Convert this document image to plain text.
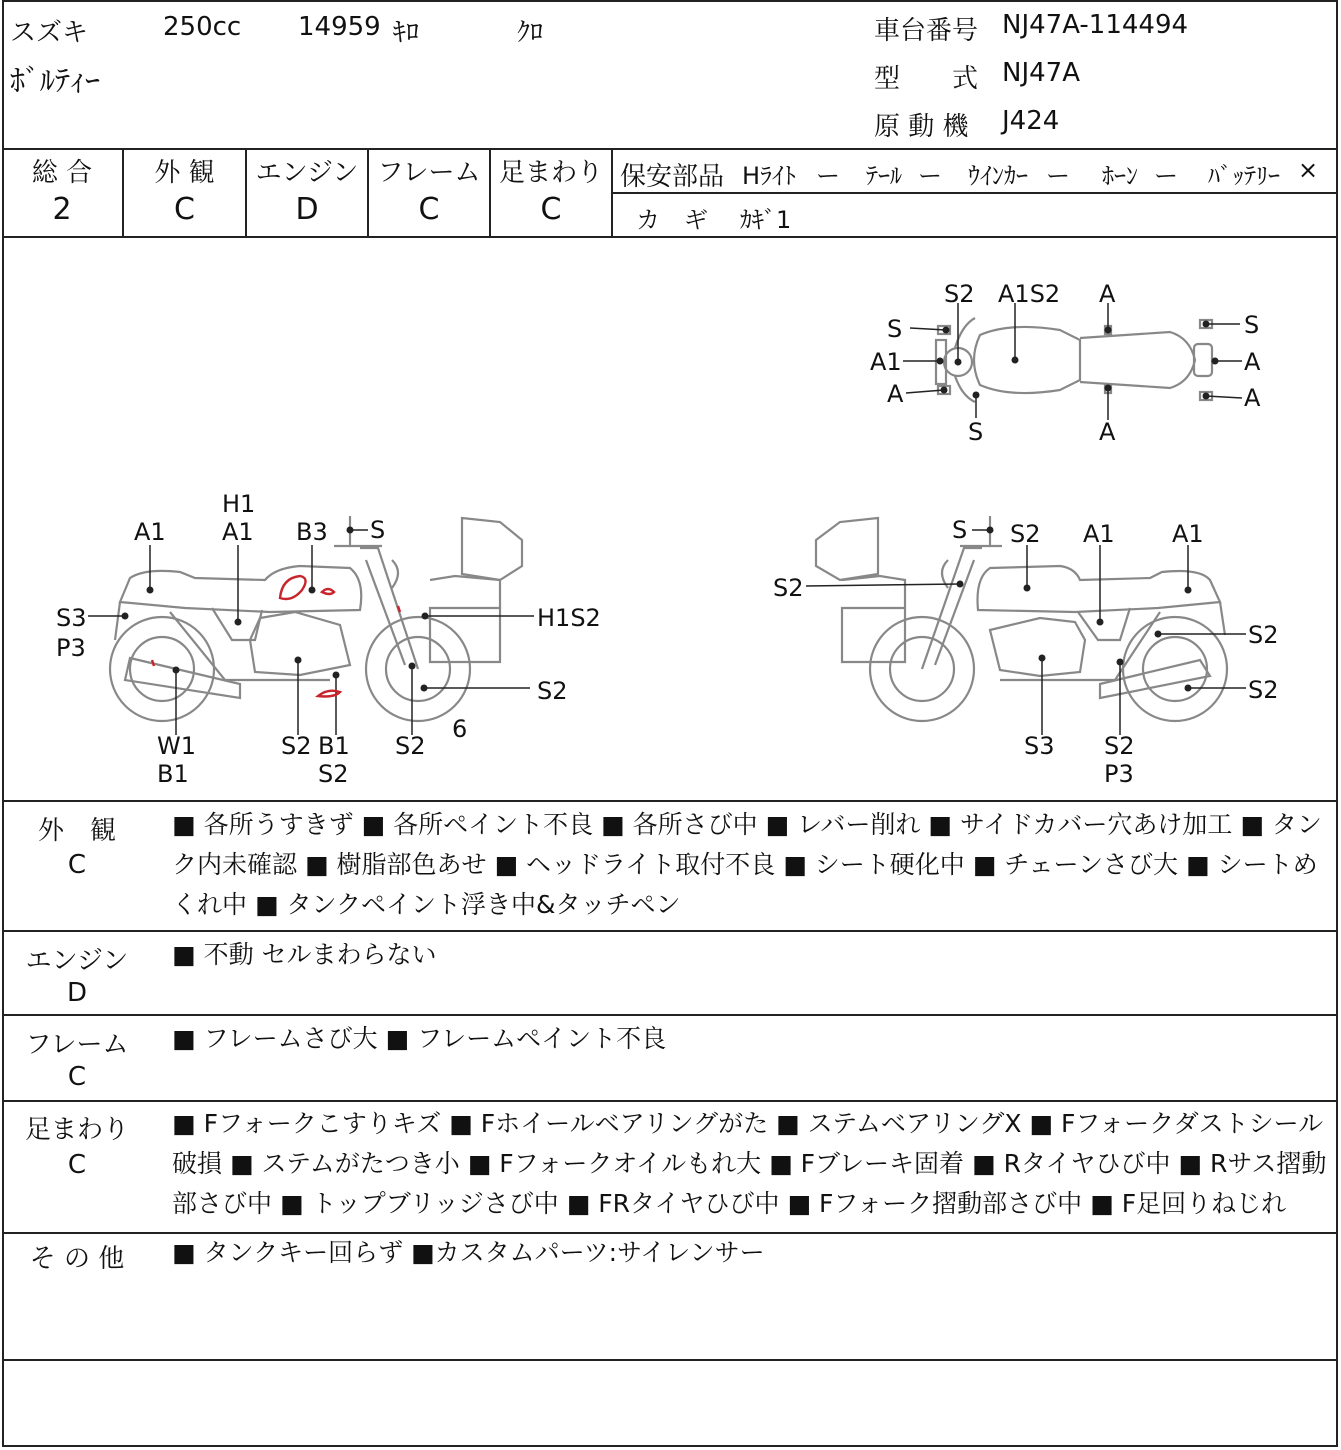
スズキ	250cc 14959 ｷﾛ	ｸﾛ
ﾎﾞﾙﾃｨｰ
車台番号 NJ47A-114494
型　　式 NJ47A
原 動 機 J424
総 合
2
外 観
C
エンジン
D
フレーム
C
足まわり
C
保安部品 Hﾗｲﾄ ー ﾃｰﾙ ー ｳｲﾝｶｰ ー ﾎｰﾝ ー ﾊﾞｯﾃﾘｰ ×
カ　ギ ｶｷﾞ1
S2 A1S2 A
S
A1
A
S
S
A
A
A
H1
A1
A1	B3 S
S3
P3
H1S2
S2
W1
B1
S2 B1
S2
S2
6
S S2 A1 A1
S2
S2
S2
S3 S2
P3
外　観
C
■ 各所うすきず ■ 各所ペイント不良 ■ 各所さび中 ■ レバー削れ ■ サイドカバー穴あけ加工 ■ タンク内未確認 ■ 樹脂部色あせ ■ ヘッドライト取付不良 ■ シート硬化中 ■ チェーンさび大 ■ シートめくれ中 ■ タンクペイント浮き中&タッチペン
エンジン
D
■ 不動 セルまわらない
フレーム
C
■ フレームさび大 ■ フレームペイント不良
足まわり
C
■ Fフォークこすりキズ ■ Fホイールベアリングがた ■ ステムベアリングX ■ Fフォークダストシール破損 ■ ステムがたつき小 ■ Fフォークオイルもれ大 ■ Fブレーキ固着 ■ Rタイヤひび中 ■ Rサス摺動部さび中 ■ トップブリッジさび中 ■ FRタイヤひび中 ■ Fフォーク摺動部さび中 ■ F足回りねじれ
そ の 他	■ タンクキー回らず ■カスタムパーツ:サイレンサー
